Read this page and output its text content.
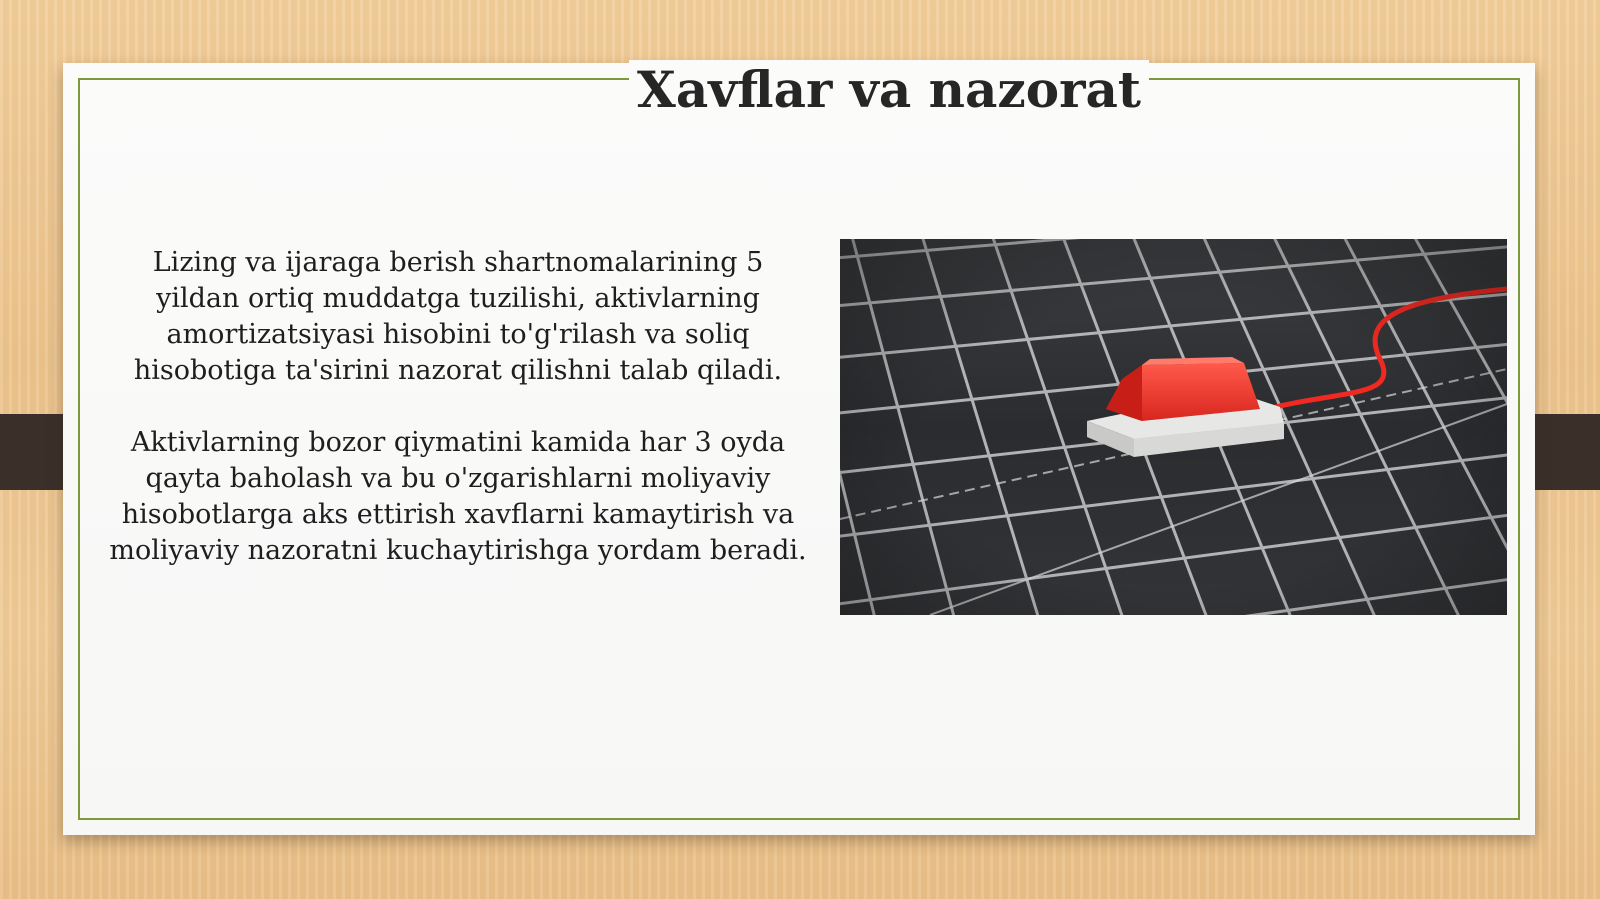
Xavflar va nazorat

Lizing va ijaraga berish shartnomalarining 5 yildan ortiq muddatga tuzilishi, aktivlarning amortizatsiyasi hisobini to'g'rilash va soliq hisobotiga ta'sirini nazorat qilishni talab qiladi.

Aktivlarning bozor qiymatini kamida har 3 oyda qayta baholash va bu o'zgarishlarni moliyaviy hisobotlarga aks ettirish xavflarni kamaytirish va moliyaviy nazoratni kuchaytirishga yordam beradi.
